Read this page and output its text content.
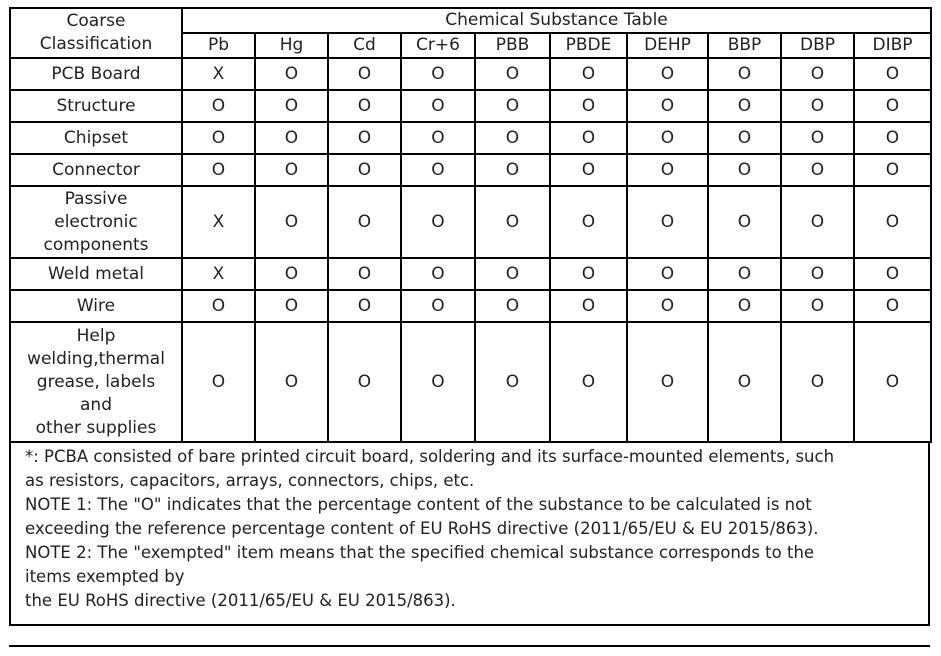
Coarse
Classification	Chemical Substance Table									
	Pb	Hg	Cd	Cr+6	PBB	PBDE	DEHP	BBP	DBP	DIBP

PCB Board	X	O	O	O	O	O	O	O	O	O

Structure	O	O	O	O	O	O	O	O	O	O

Chipset	O	O	O	O	O	O	O	O	O	O

Connector	O	O	O	O	O	O	O	O	O	O

Passive
electronic
components	X	O	O	O	O	O	O	O	O	O

Weld metal	X	O	O	O	O	O	O	O	O	O

Wire	O	O	O	O	O	O	O	O	O	O

Help
welding,thermal
grease, labels
and
other supplies	O	O	O	O	O	O	O	O	O	O

*: PCBA consisted of bare printed circuit board, soldering and its surface-mounted elements, such

as resistors, capacitors, arrays, connectors, chips, etc.

NOTE 1: The "O" indicates that the percentage content of the substance to be calculated is not

exceeding the reference percentage content of EU RoHS directive (2011/65/EU & EU 2015/863).

NOTE 2: The "exempted" item means that the specified chemical substance corresponds to the

items exempted by

the EU RoHS directive (2011/65/EU & EU 2015/863).
